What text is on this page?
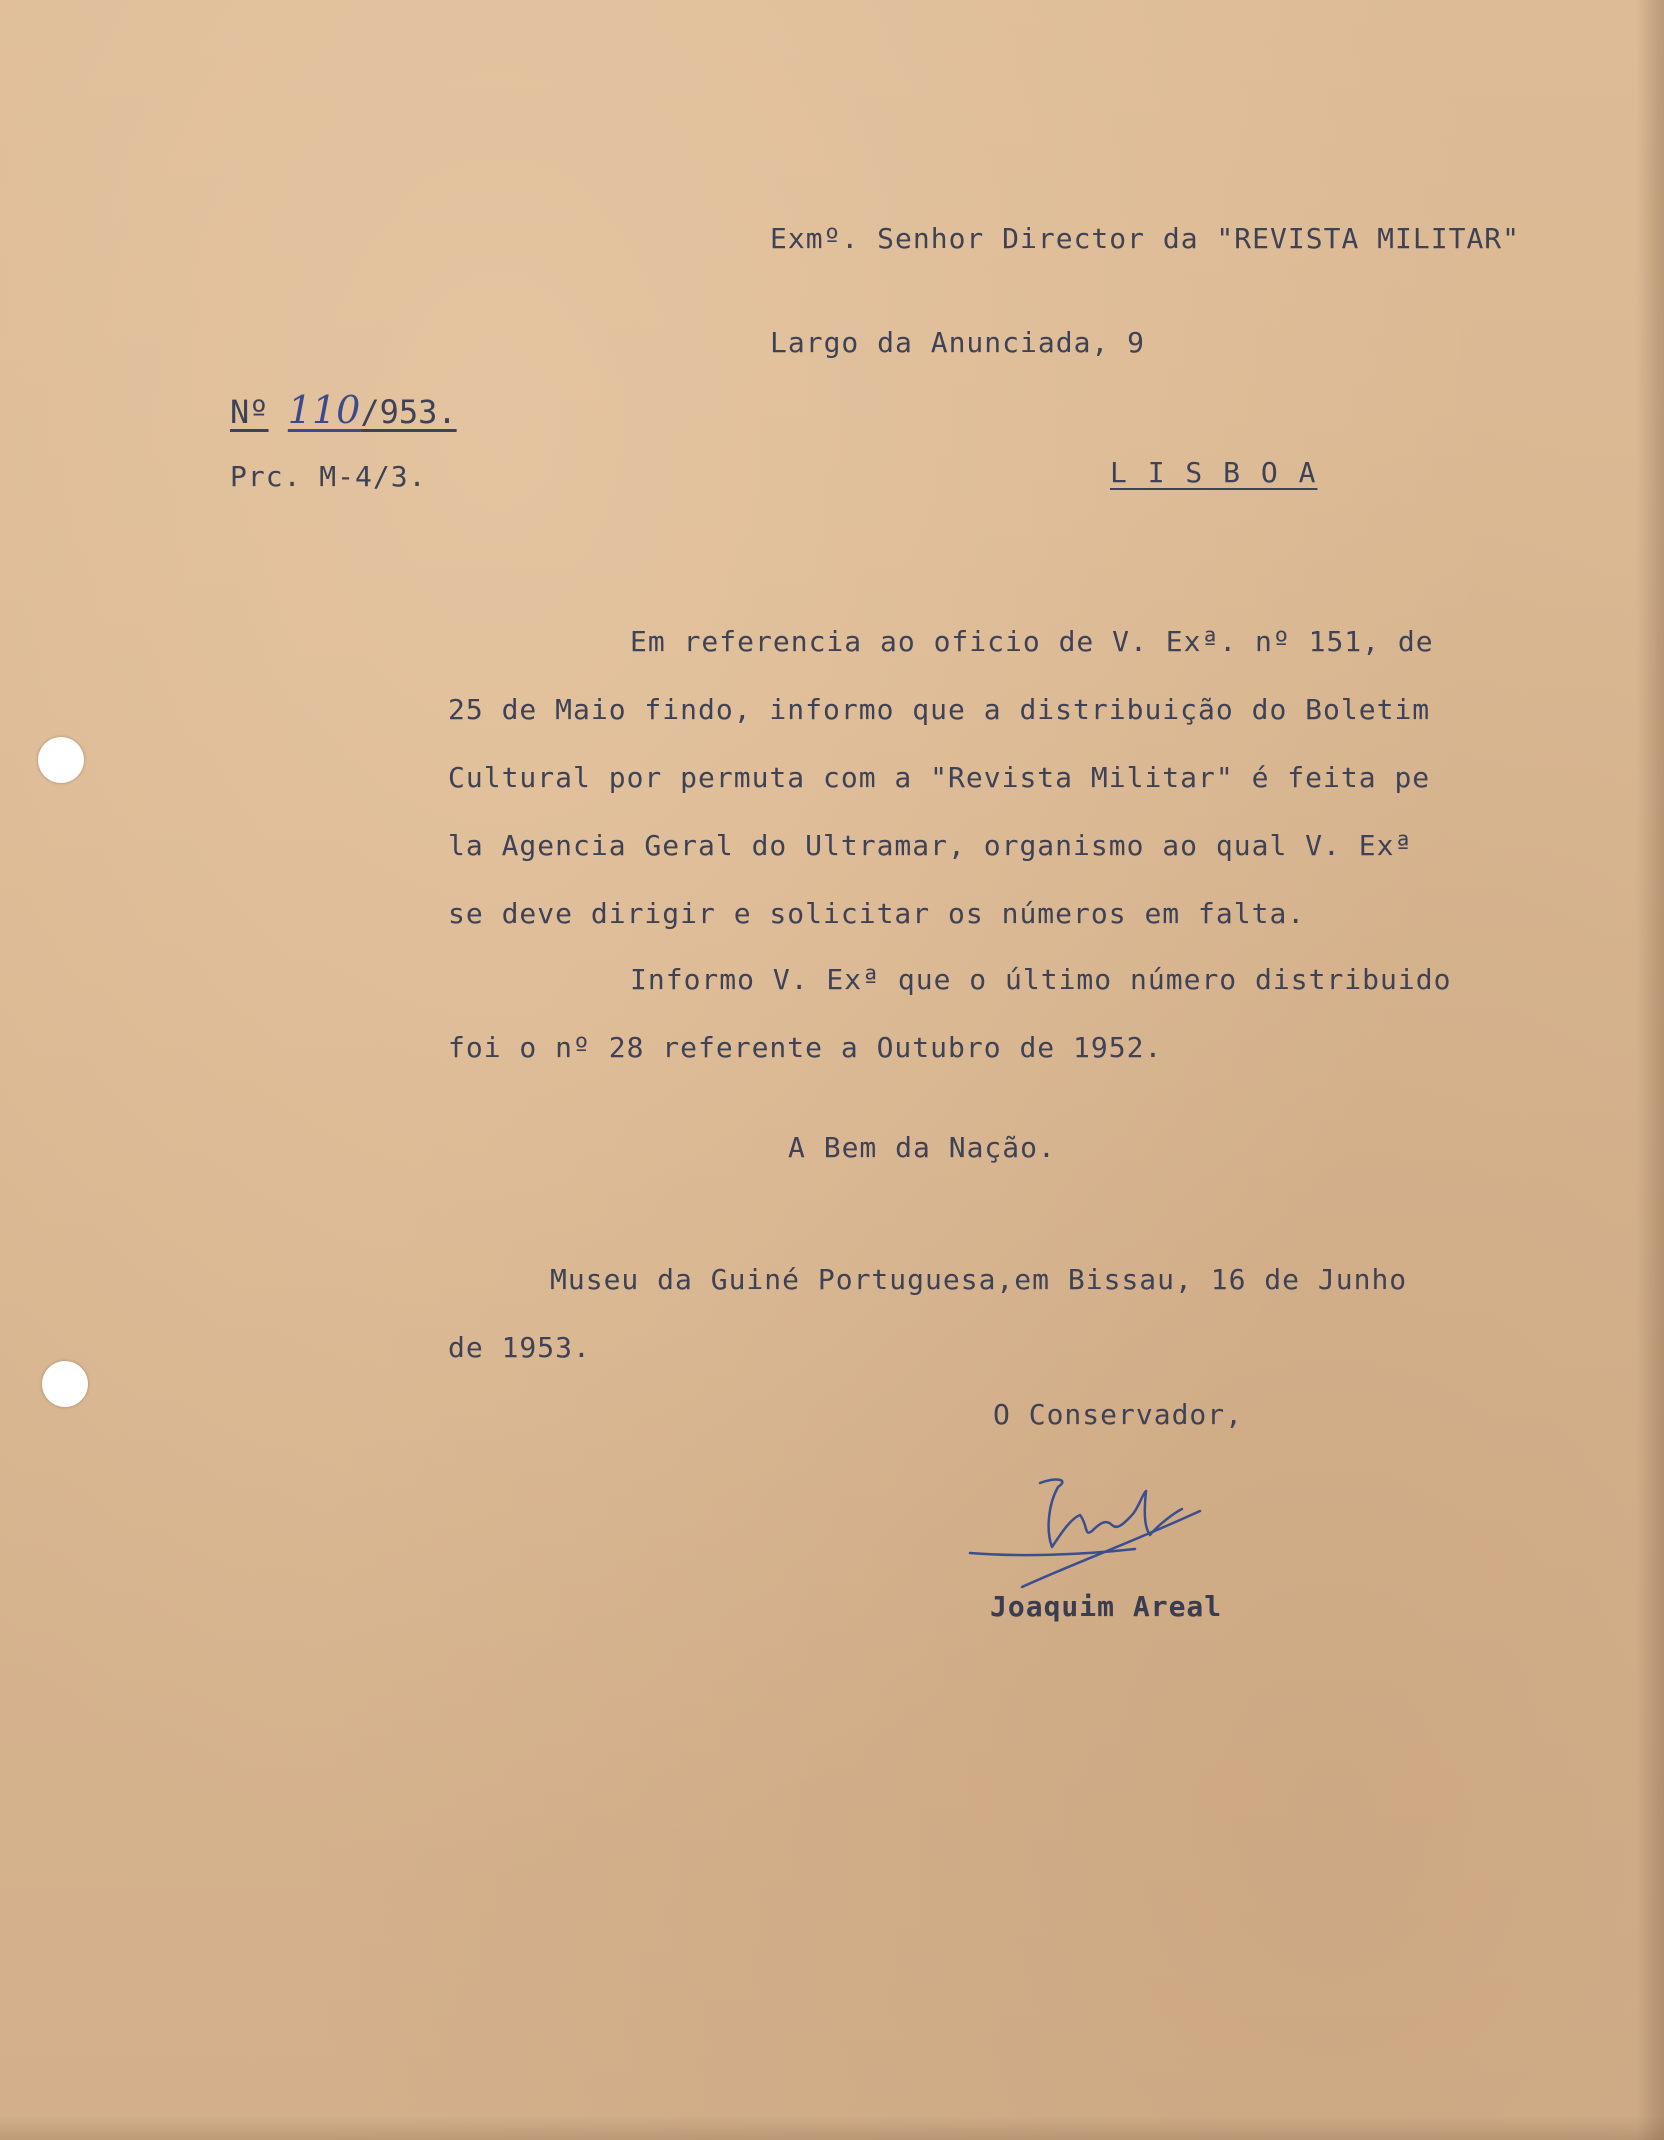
Exmº. Senhor Director da "REVISTA MILITAR"
Largo da Anunciada, 9
L I S B O A
Nº 110/953.
Prc. M-4/3.
Em referencia ao oficio de V. Exª. nº 151, de
25 de Maio findo, informo que a distribuição do Boletim
Cultural por permuta com a "Revista Militar" é feita pe
la Agencia Geral do Ultramar, organismo ao qual V. Exª
se deve dirigir e solicitar os números em falta.
Informo V. Exª que o último número distribuido
foi o nº 28 referente a Outubro de 1952.
A Bem da Nação.
Museu da Guiné Portuguesa,em Bissau, 16 de Junho
de 1953.
O Conservador,
Joaquim Areal
